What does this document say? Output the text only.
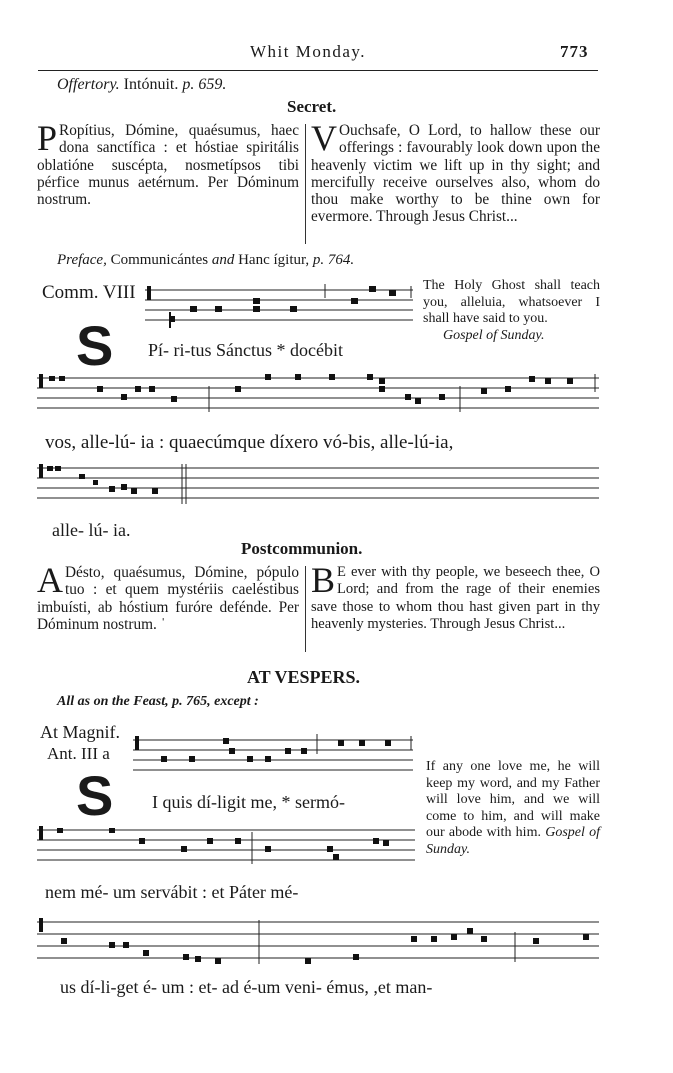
Whit Monday.	773
Offertory. Intónuit. p. 659.
Secret.
P Ropítius, Dómine, quaésumus, haec dona sanctífica : et hóstiae spiritális oblatióne suscépta, nosmetípsos tibi pérfice munus aetérnum. Per Dóminum nostrum.
V Ouchsafe, O Lord, to hallow these our offerings : favourably look down upon the heavenly victim we lift up in thy sight; and mercifully receive ourselves also, whom do thou make worthy to be thine own for evermore. Through Jesus Christ...
Preface, Communicántes and Hanc ígitur, p. 764.
Comm. VIII
S Pí- ri-tus Sánctus * docébit
The Holy Ghost shall teach you, alleluia, whatsoever I shall have said to you.
Gospel of Sunday.
vos, alle-lú- ia : quaecúmque díxero vó-bis, alle-lú-ia,
alle- lú- ia.
Postcommunion.
A Désto, quaésumus, Dómine, pópulo tuo : et quem mystériis caeléstibus imbuísti, ab hóstium furóre defénde. Per Dóminum nostrum. ˈ
B E ever with thy people, we beseech thee, O Lord; and from the rage of their enemies save those to whom thou hast given part in thy heavenly mysteries. Through Jesus Christ...
AT VESPERS.
All as on the Feast, p. 765, except :
At Magnif.
Ant. III a
S I quis dí-ligit me, * sermó-
If any one love me, he will keep my word, and my Father will love him, and we will come to him, and will make our abode with him. Gospel of Sunday.
nem mé- um servábit : et Páter mé-
us dí-li-get é- um : et- ad é-um veni- émus, ,et man-
